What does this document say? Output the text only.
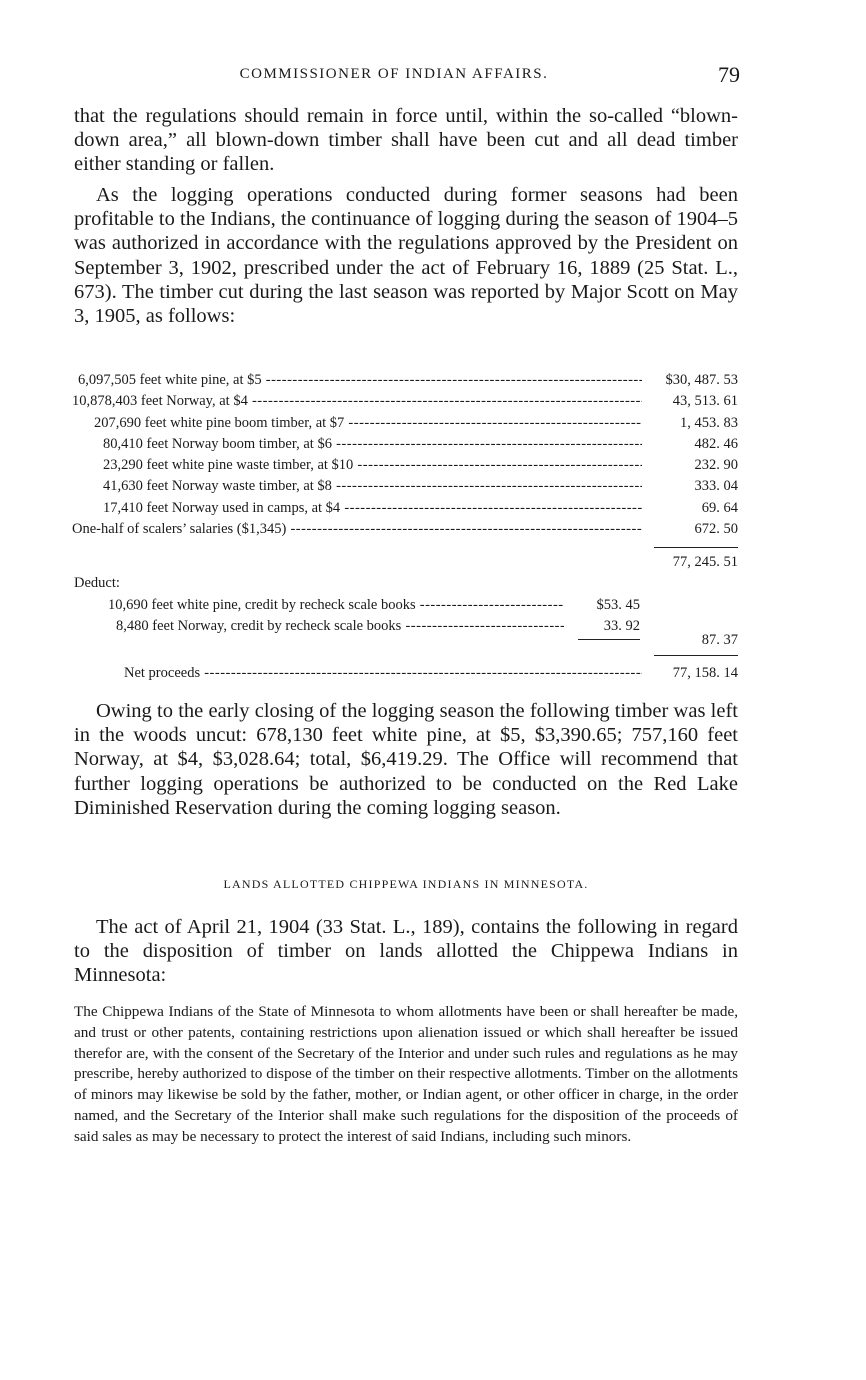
COMMISSIONER OF INDIAN AFFAIRS.	79

that the regulations should remain in force until, within the so-called “blown-down area,” all blown-down timber shall have been cut and all dead timber either standing or fallen.

As the logging operations conducted during former seasons had been profitable to the Indians, the continuance of logging during the season of 1904–5 was authorized in accordance with the regulations approved by the President on September 3, 1902, prescribed under the act of February 16, 1889 (25 Stat. L., 673). The timber cut during the last season was reported by Major Scott on May 3, 1905, as follows:

6,097,505 feet white pine, at $5 -----	$30, 487. 53
10,878,403 feet Norway, at $4 -----	43, 513. 61
207,690 feet white pine boom timber, at $7 -----	1, 453. 83
80,410 feet Norway boom timber, at $6 -----	482. 46
23,290 feet white pine waste timber, at $10 -----	232. 90
41,630 feet Norway waste timber, at $8 -----	333. 04
17,410 feet Norway used in camps, at $4 -----	69. 64
One-half of scalers’ salaries ($1,345) -----	672. 50
77, 245. 51
Deduct:
10,690 feet white pine, credit by recheck scale books -----	$53. 45
8,480 feet Norway, credit by recheck scale books -----	33. 92
87. 37
Net proceeds -----	77, 158. 14

Owing to the early closing of the logging season the following timber was left in the woods uncut: 678,130 feet white pine, at $5, $3,390.65; 757,160 feet Norway, at $4, $3,028.64; total, $6,419.29. The Office will recommend that further logging operations be authorized to be conducted on the Red Lake Diminished Reservation during the coming logging season.

LANDS ALLOTTED CHIPPEWA INDIANS IN MINNESOTA.

The act of April 21, 1904 (33 Stat. L., 189), contains the following in regard to the disposition of timber on lands allotted the Chippewa Indians in Minnesota:

The Chippewa Indians of the State of Minnesota to whom allotments have been or shall hereafter be made, and trust or other patents, containing restrictions upon alienation issued or which shall hereafter be issued therefor are, with the consent of the Secretary of the Interior and under such rules and regulations as he may prescribe, hereby authorized to dispose of the timber on their respective allotments. Timber on the allotments of minors may likewise be sold by the father, mother, or Indian agent, or other officer in charge, in the order named, and the Secretary of the Interior shall make such regulations for the disposition of the proceeds of said sales as may be necessary to protect the interest of said Indians, including such minors.
